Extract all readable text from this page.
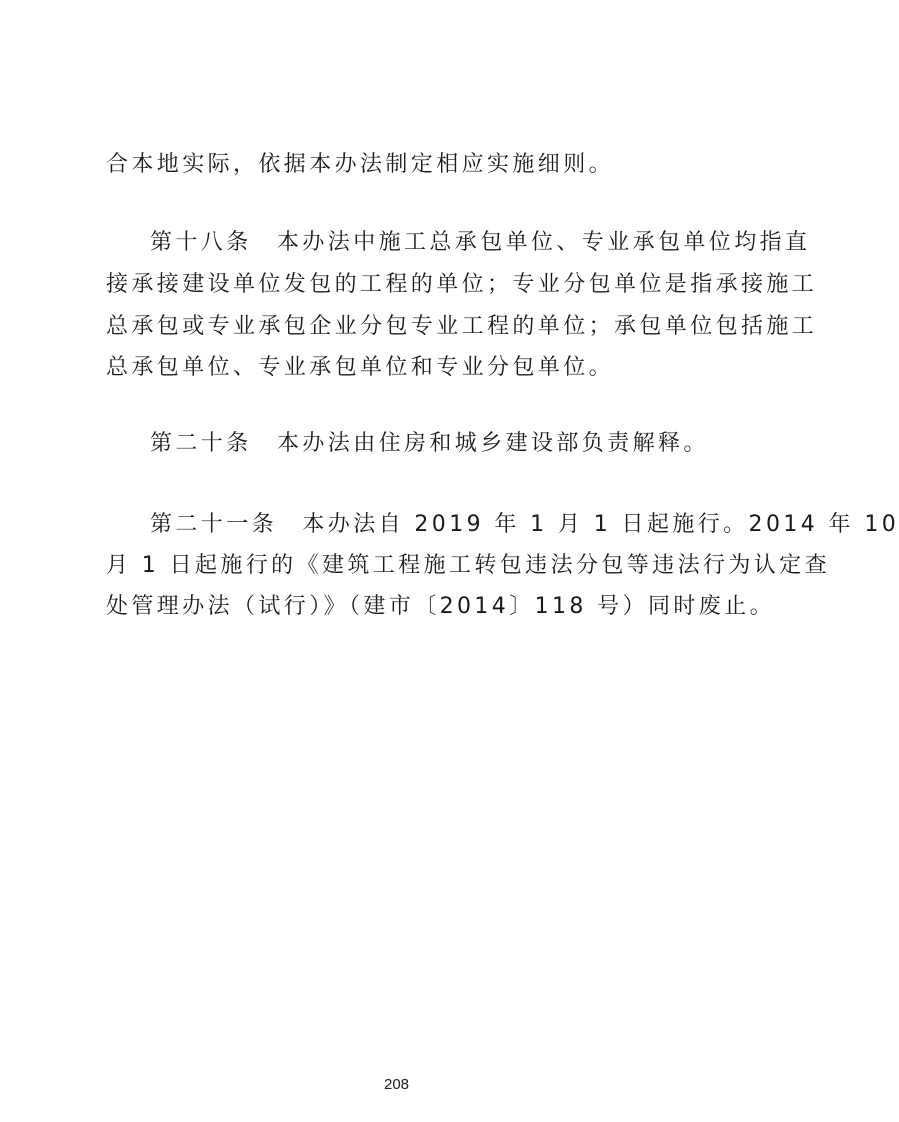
合本地实际，依据本办法制定相应实施细则。
第十八条　本办法中施工总承包单位、专业承包单位均指直
接承接建设单位发包的工程的单位；专业分包单位是指承接施工
总承包或专业承包企业分包专业工程的单位；承包单位包括施工
总承包单位、专业承包单位和专业分包单位。
第二十条　本办法由住房和城乡建设部负责解释。
第二十一条　本办法自 2019 年 1 月 1 日起施行。2014 年 10
月 1 日起施行的《建筑工程施工转包违法分包等违法行为认定查
处管理办法（试行）》（建市〔2014〕118 号）同时废止。
208
